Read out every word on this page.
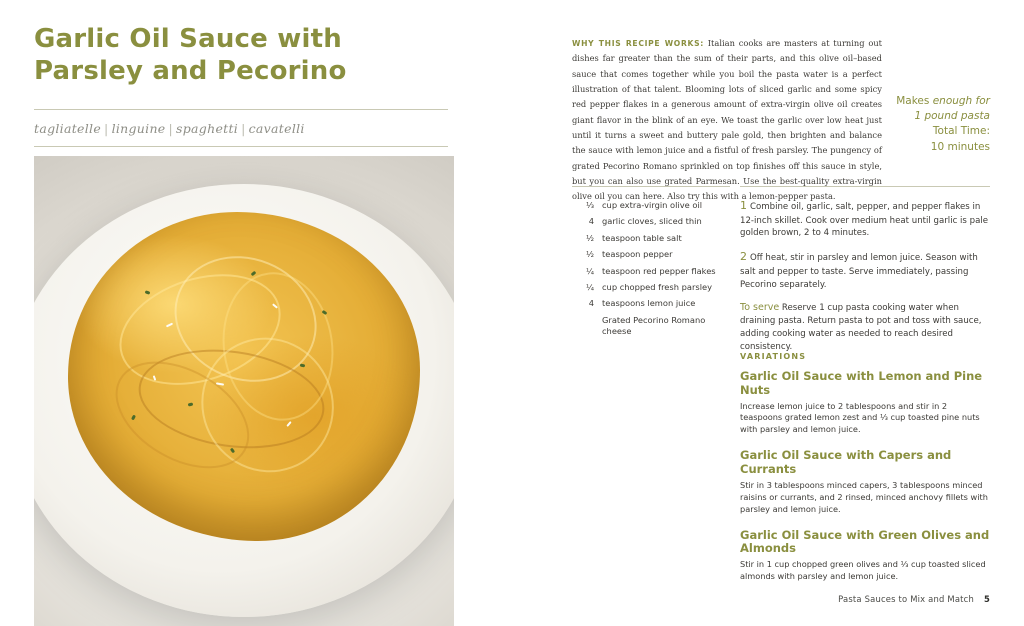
Garlic Oil Sauce with
Parsley and Pecorino
tagliatelle | linguine | spaghetti | cavatelli
WHY THIS RECIPE WORKS: Italian cooks are masters at turning out dishes far greater than the sum of their parts, and this olive oil–based sauce that comes together while you boil the pasta water is a perfect illustration of that talent. Blooming lots of sliced garlic and some spicy red pepper flakes in a generous amount of extra-virgin olive oil creates giant flavor in the blink of an eye. We toast the garlic over low heat just until it turns a sweet and buttery pale gold, then brighten and balance the sauce with lemon juice and a fistful of fresh parsley. The pungency of grated Pecorino Romano sprinkled on top finishes off this sauce in style, but you can also use grated Parmesan. Use the best-quality extra-virgin olive oil you can here. Also try this with a lemon-pepper pasta.
Makes enough for
1 pound pasta
Total Time:
10 minutes
⅓ cup extra-virgin olive oil
4 garlic cloves, sliced thin
½ teaspoon table salt
½ teaspoon pepper
¼ teaspoon red pepper flakes
¼ cup chopped fresh parsley
4 teaspoons lemon juice
Grated Pecorino Romano cheese
1 Combine oil, garlic, salt, pepper, and pepper flakes in 12-inch skillet. Cook over medium heat until garlic is pale golden brown, 2 to 4 minutes.
2 Off heat, stir in parsley and lemon juice. Season with salt and pepper to taste. Serve immediately, passing Pecorino separately.
To serve Reserve 1 cup pasta cooking water when draining pasta. Return pasta to pot and toss with sauce, adding cooking water as needed to reach desired consistency.
VARIATIONS
Garlic Oil Sauce with Lemon and Pine Nuts
Increase lemon juice to 2 tablespoons and stir in 2 teaspoons grated lemon zest and ⅓ cup toasted pine nuts with parsley and lemon juice.
Garlic Oil Sauce with Capers and Currants
Stir in 3 tablespoons minced capers, 3 tablespoons minced raisins or currants, and 2 rinsed, minced anchovy fillets with parsley and lemon juice.
Garlic Oil Sauce with Green Olives and Almonds
Stir in 1 cup chopped green olives and ⅓ cup toasted sliced almonds with parsley and lemon juice.
Pasta Sauces to Mix and Match 5
